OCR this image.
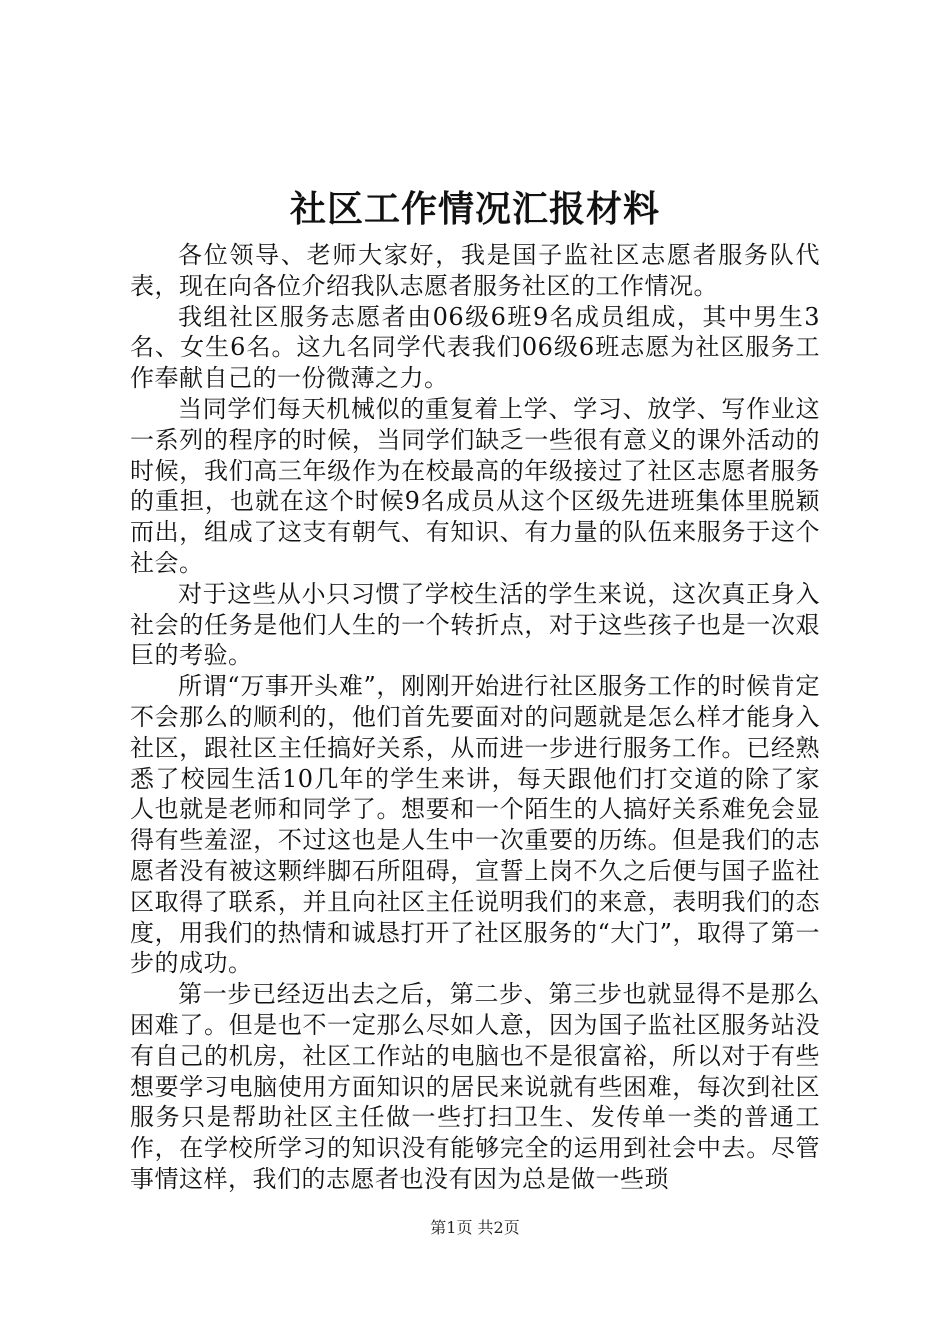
社区工作情况汇报材料

各位领导、老师大家好，我是国子监社区志愿者服务队代表，现在向各位介绍我队志愿者服务社区的工作情况。

我组社区服务志愿者由06级6班9名成员组成，其中男生3名、女生6名。这九名同学代表我们06级6班志愿为社区服务工作奉献自己的一份微薄之力。

当同学们每天机械似的重复着上学、学习、放学、写作业这一系列的程序的时候，当同学们缺乏一些很有意义的课外活动的时候，我们高三年级作为在校最高的年级接过了社区志愿者服务的重担，也就在这个时候9名成员从这个区级先进班集体里脱颖而出，组成了这支有朝气、有知识、有力量的队伍来服务于这个社会。

对于这些从小只习惯了学校生活的学生来说，这次真正身入社会的任务是他们人生的一个转折点，对于这些孩子也是一次艰巨的考验。

所谓“万事开头难”，刚刚开始进行社区服务工作的时候肯定不会那么的顺利的，他们首先要面对的问题就是怎么样才能身入社区，跟社区主任搞好关系，从而进一步进行服务工作。已经熟悉了校园生活10几年的学生来讲，每天跟他们打交道的除了家人也就是老师和同学了。想要和一个陌生的人搞好关系难免会显得有些羞涩，不过这也是人生中一次重要的历练。但是我们的志愿者没有被这颗绊脚石所阻碍，宣誓上岗不久之后便与国子监社区取得了联系，并且向社区主任说明我们的来意，表明我们的态度，用我们的热情和诚恳打开了社区服务的“大门”，取得了第一步的成功。

第一步已经迈出去之后，第二步、第三步也就显得不是那么困难了。但是也不一定那么尽如人意，因为国子监社区服务站没有自己的机房，社区工作站的电脑也不是很富裕，所以对于有些想要学习电脑使用方面知识的居民来说就有些困难，每次到社区服务只是帮助社区主任做一些打扫卫生、发传单一类的普通工作，在学校所学习的知识没有能够完全的运用到社会中去。尽管事情这样，我们的志愿者也没有因为总是做一些琐

第1页 共2页
